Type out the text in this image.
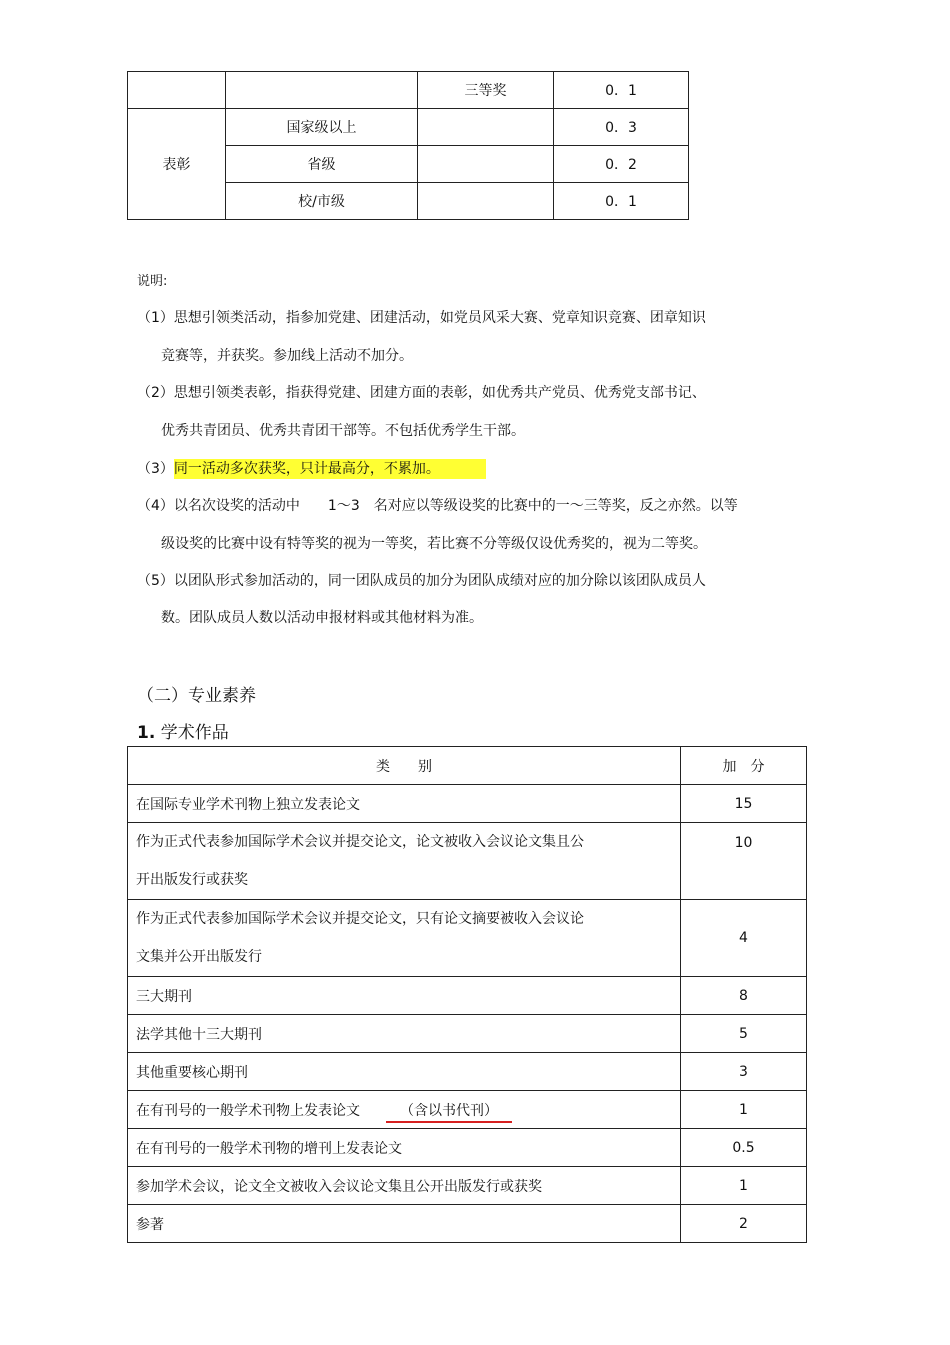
		三等奖	0．1
表彰	国家级以上		0．3
	省级		0．2
	校/市级		0．1
说明:
（1）思想引领类活动，指参加党建、团建活动，如党员风采大赛、党章知识竞赛、团章知识
竞赛等，并获奖。参加线上活动不加分。
（2）思想引领类表彰，指获得党建、团建方面的表彰，如优秀共产党员、优秀党支部书记、
优秀共青团员、优秀共青团干部等。不包括优秀学生干部。
（3）同一活动多次获奖，只计最高分，不累加。
（4）以名次设奖的活动中　　1～3　名对应以等级设奖的比赛中的一～三等奖，反之亦然。以等
级设奖的比赛中设有特等奖的视为一等奖，若比赛不分等级仅设优秀奖的，视为二等奖。
（5）以团队形式参加活动的，同一团队成员的加分为团队成绩对应的加分除以该团队成员人
数。团队成员人数以活动申报材料或其他材料为准。
（二）专业素养
1. 学术作品
类　　别	加　分
在国际专业学术刊物上独立发表论文	15

作为正式代表参加国际学术会议并提交论文，论文被收入会议论文集且公
开出版发行或获奖	10

作为正式代表参加国际学术会议并提交论文，只有论文摘要被收入会议论
文集并公开出版发行	4
三大期刊	8
法学其他十三大期刊	5
其他重要核心期刊	3
在有刊号的一般学术刊物上发表论文 （含以书代刊）	1
在有刊号的一般学术刊物的增刊上发表论文	0.5
参加学术会议，论文全文被收入会议论文集且公开出版发行或获奖	1
参著	2
